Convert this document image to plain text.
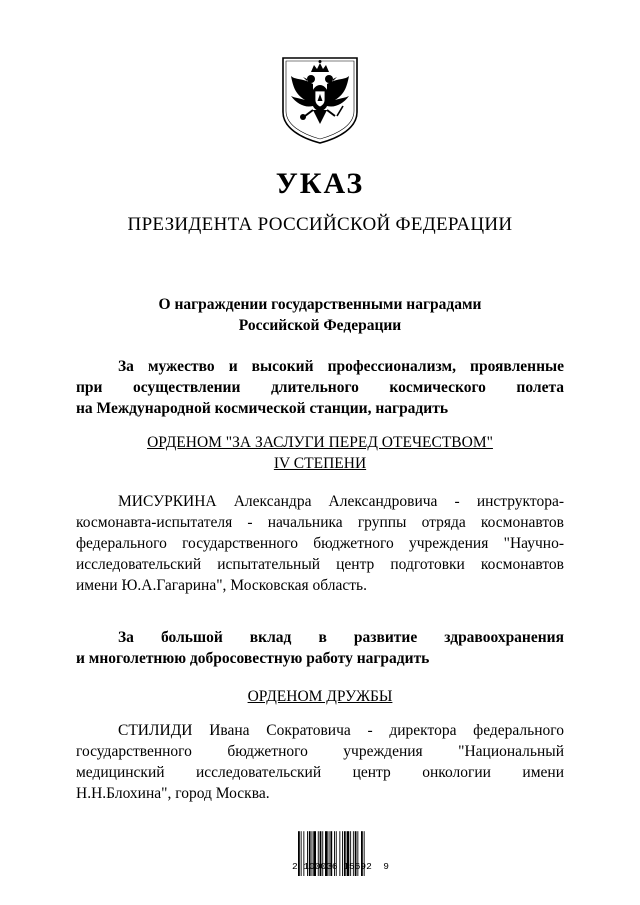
УКАЗ
ПРЕЗИДЕНТА РОССИЙСКОЙ ФЕДЕРАЦИИ
О награждении государственными наградами
Российской Федерации
За мужество и высокий профессионализм, проявленные
при осуществлении длительного космического полета
на Международной космической станции, наградить
ОРДЕНОМ "ЗА ЗАСЛУГИ ПЕРЕД ОТЕЧЕСТВОМ"
IV СТЕПЕНИ
МИСУРКИНА Александра Александровича - инструктора-
космонавта-испытателя - начальника группы отряда космонавтов
федерального государственного бюджетного учреждения "Научно-
исследовательский испытательный центр подготовки космонавтов
имени Ю.А.Гагарина", Московская область.
За большой вклад в развитие здравоохранения
и многолетнюю добросовестную работу наградить
ОРДЕНОМ ДРУЖБЫ
СТИЛИДИ Ивана Сократовича - директора федерального
государственного бюджетного учреждения "Национальный
медицинский исследовательский центр онкологии имени
Н.Н.Блохина", город Москва.
2 100036 15692  9
